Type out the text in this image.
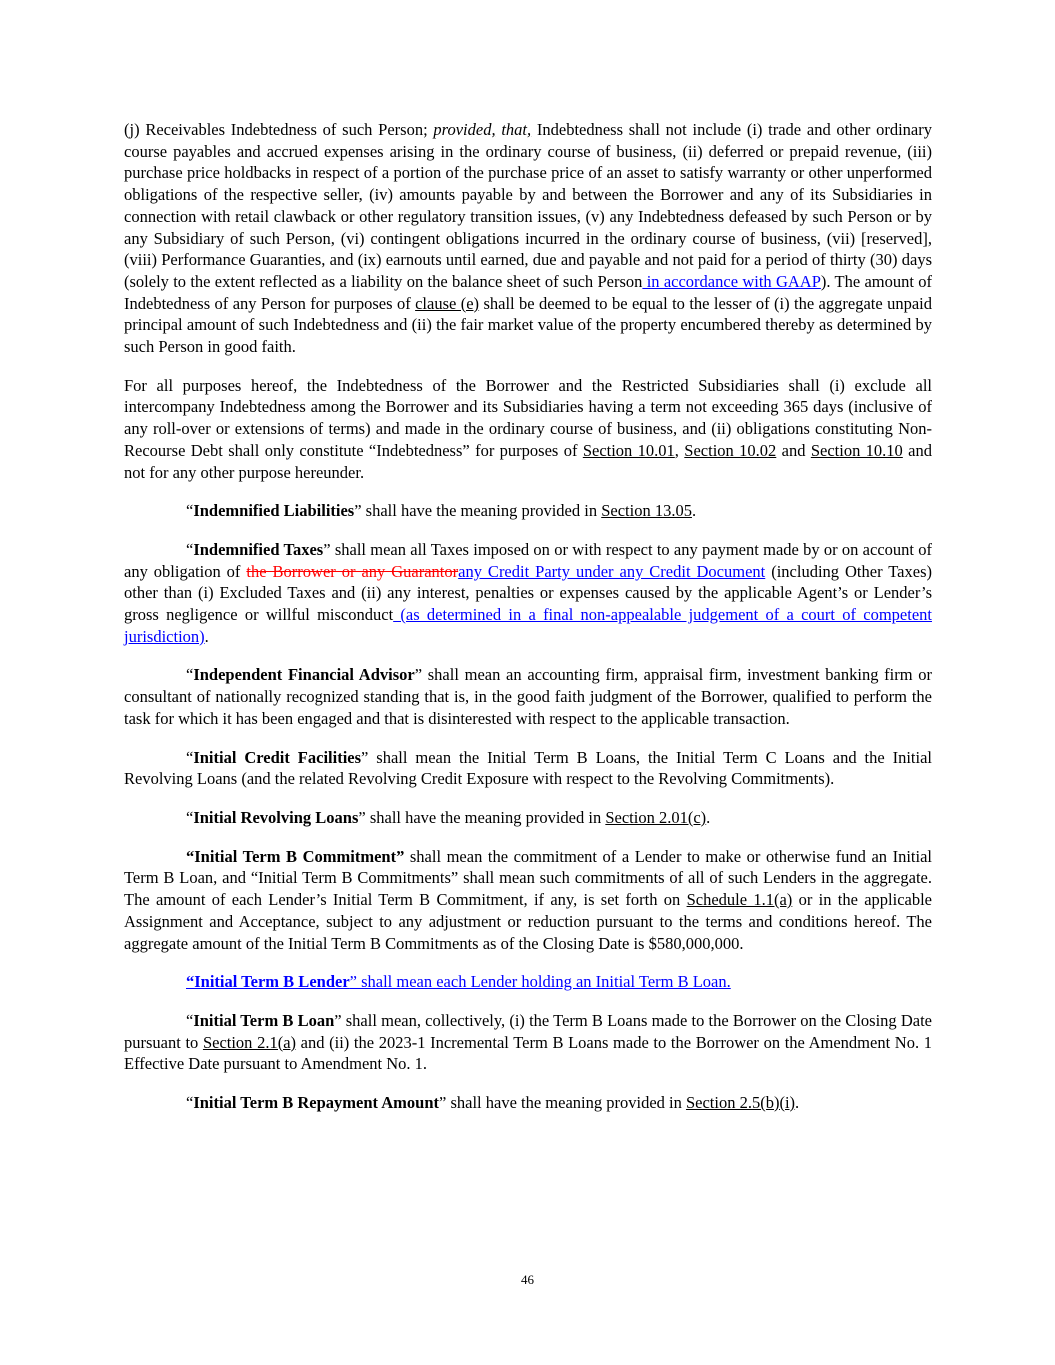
(j) Receivables Indebtedness of such Person; provided, that, Indebtedness shall not include (i) trade and other ordinary course payables and accrued expenses arising in the ordinary course of business, (ii) deferred or prepaid revenue, (iii) purchase price holdbacks in respect of a portion of the purchase price of an asset to satisfy warranty or other unperformed obligations of the respective seller, (iv) amounts payable by and between the Borrower and any of its Subsidiaries in connection with retail clawback or other regulatory transition issues, (v) any Indebtedness defeased by such Person or by any Subsidiary of such Person, (vi) contingent obligations incurred in the ordinary course of business, (vii) [reserved], (viii) Performance Guaranties, and (ix) earnouts until earned, due and payable and not paid for a period of thirty (30) days (solely to the extent reflected as a liability on the balance sheet of such Person in accordance with GAAP). The amount of Indebtedness of any Person for purposes of clause (e) shall be deemed to be equal to the lesser of (i) the aggregate unpaid principal amount of such Indebtedness and (ii) the fair market value of the property encumbered thereby as determined by such Person in good faith.

For all purposes hereof, the Indebtedness of the Borrower and the Restricted Subsidiaries shall (i) exclude all intercompany Indebtedness among the Borrower and its Subsidiaries having a term not exceeding 365 days (inclusive of any roll-over or extensions of terms) and made in the ordinary course of business, and (ii) obligations constituting Non-Recourse Debt shall only constitute “Indebtedness” for purposes of Section 10.01, Section 10.02 and Section 10.10 and not for any other purpose hereunder.

“Indemnified Liabilities” shall have the meaning provided in Section 13.05.

“Indemnified Taxes” shall mean all Taxes imposed on or with respect to any payment made by or on account of any obligation of the Borrower or any Guarantorany Credit Party under any Credit Document (including Other Taxes) other than (i) Excluded Taxes and (ii) any interest, penalties or expenses caused by the applicable Agent’s or Lender’s gross negligence or willful misconduct (as determined in a final non-appealable judgement of a court of competent jurisdiction).

“Independent Financial Advisor” shall mean an accounting firm, appraisal firm, investment banking firm or consultant of nationally recognized standing that is, in the good faith judgment of the Borrower, qualified to perform the task for which it has been engaged and that is disinterested with respect to the applicable transaction.

“Initial Credit Facilities” shall mean the Initial Term B Loans, the Initial Term C Loans and the Initial Revolving Loans (and the related Revolving Credit Exposure with respect to the Revolving Commitments).

“Initial Revolving Loans” shall have the meaning provided in Section 2.01(c).

“Initial Term B Commitment” shall mean the commitment of a Lender to make or otherwise fund an Initial Term B Loan, and “Initial Term B Commitments” shall mean such commitments of all of such Lenders in the aggregate. The amount of each Lender’s Initial Term B Commitment, if any, is set forth on Schedule 1.1(a) or in the applicable Assignment and Acceptance, subject to any adjustment or reduction pursuant to the terms and conditions hereof. The aggregate amount of the Initial Term B Commitments as of the Closing Date is $580,000,000.

“Initial Term B Lender” shall mean each Lender holding an Initial Term B Loan.

“Initial Term B Loan” shall mean, collectively, (i) the Term B Loans made to the Borrower on the Closing Date pursuant to Section 2.1(a) and (ii) the 2023-1 Incremental Term B Loans made to the Borrower on the Amendment No. 1 Effective Date pursuant to Amendment No. 1.

“Initial Term B Repayment Amount” shall have the meaning provided in Section 2.5(b)(i).

46
